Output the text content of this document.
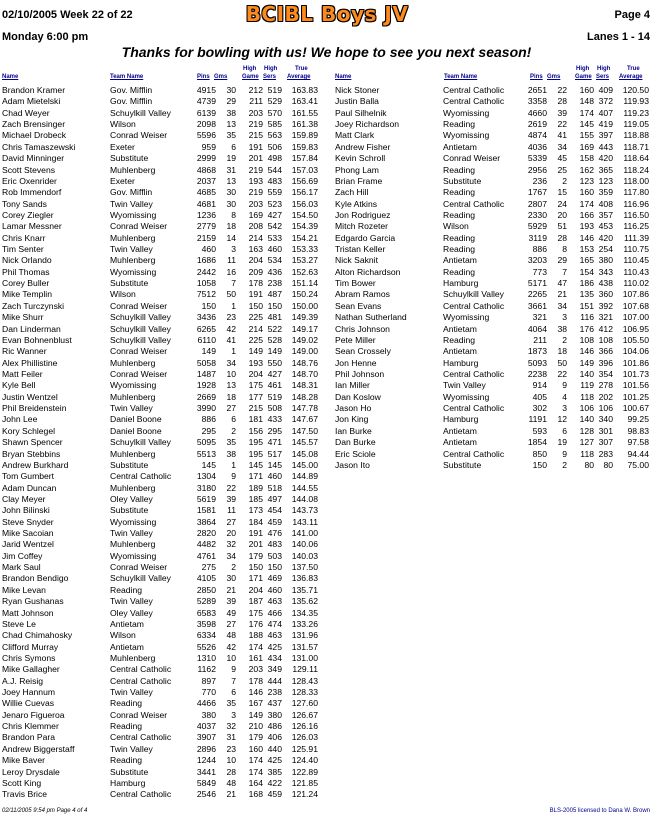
02/10/2005 Week 22 of 22	BCIBL Boys JV	Page 4
Monday 6:00 pm	Lanes 1 - 14
Thanks for bowling with us! We hope to see you next season!
High High	True
Name	Team Name	Pins Gms Game Sers Average
Brandon Kramer	Gov. Mifflin	4915 30 212 519 163.83
Adam Mietelski	Gov. Mifflin	4739 29 211 529 163.41
Chad Weyer	Schuylkill Valley	6139 38 203 570 161.55
Zach Brensinger	Wilson	2098 13 219 585 161.38
Michael Drobeck	Conrad Weiser	5596 35 215 563 159.89
Chris Tamaszewski	Exeter	959 6 191 506 159.83
David Minninger	Substitute	2999 19 201 498 157.84
Scott Stevens	Muhlenberg	4868 31 219 544 157.03
Eric Oxenrider	Exeter	2037 13 193 483 156.69
Rob Immendorf	Gov. Mifflin	4685 30 219 559 156.17
Tony Sands	Twin Valley	4681 30 203 523 156.03
Corey Ziegler	Wyomissing	1236 8 169 427 154.50
Lamar Messner	Conrad Weiser	2779 18 208 542 154.39
Chris Knarr	Muhlenberg	2159 14 214 533 154.21
Tim Senter	Twin Valley	460 3 163 460 153.33
Nick Orlando	Muhlenberg	1686 11 204 534 153.27
Phil Thomas	Wyomissing	2442 16 209 436 152.63
Corey Buller	Substitute	1058 7 178 238 151.14
Mike Templin	Wilson	7512 50 191 487 150.24
Zach Turczynski	Conrad Weiser	150 1 150 150 150.00
Mike Shurr	Schuylkill Valley	3436 23 225 481 149.39
Dan Linderman	Schuylkill Valley	6265 42 214 522 149.17
Evan Bohnenblust	Schuylkill Valley	6110 41 225 528 149.02
Ric Wanner	Conrad Weiser	149 1 149 149 149.00
Alex Phillistine	Muhlenberg	5058 34 193 550 148.76
Matt Feiler	Conrad Weiser	1487 10 204 427 148.70
Kyle Bell	Wyomissing	1928 13 175 461 148.31
Justin Wentzel	Muhlenberg	2669 18 177 519 148.28
Phil Breidenstein	Twin Valley	3990 27 215 508 147.78
John Lee	Daniel Boone	886 6 181 433 147.67
Kory Schlegel	Daniel Boone	295 2 156 295 147.50
Shawn Spencer	Schuylkill Valley	5095 35 195 471 145.57
Bryan Stebbins	Muhlenberg	5513 38 195 517 145.08
Andrew Burkhard	Substitute	145 1 145 145 145.00
Tom Gumbert	Central Catholic	1304 9 171 460 144.89
Adam Duncan	Muhlenberg	3180 22 189 518 144.55
Clay Meyer	Oley Valley	5619 39 185 497 144.08
John Bilinski	Substitute	1581 11 173 454 143.73
Steve Snyder	Wyomissing	3864 27 184 459 143.11
Mike Sacoian	Twin Valley	2820 20 191 476 141.00
Jarid Wentzel	Muhlenberg	4482 32 201 483 140.06
Jim Coffey	Wyomissing	4761 34 179 503 140.03
Mark Saul	Conrad Weiser	275 2 150 150 137.50
Brandon Bendigo	Schuylkill Valley	4105 30 171 469 136.83
Mike Levan	Reading	2850 21 204 460 135.71
Ryan Gushanas	Twin Valley	5289 39 187 463 135.62
Matt Johnson	Oley Valley	6583 49 175 466 134.35
Steve Le	Antietam	3598 27 176 474 133.26
Chad Chimahosky	Wilson	6334 48 188 463 131.96
Clifford Murray	Antietam	5526 42 174 425 131.57
Chris Symons	Muhlenberg	1310 10 161 434 131.00
Mike Gallagher	Central Catholic	1162 9 203 349 129.11
A.J. Reisig	Central Catholic	897 7 178 444 128.43
Joey Hannum	Twin Valley	770 6 146 238 128.33
Willie Cuevas	Reading	4466 35 167 437 127.60
Jenaro Figueroa	Conrad Weiser	380 3 149 380 126.67
Chris Klemmer	Reading	4037 32 210 486 126.16
Brandon Para	Central Catholic	3907 31 179 406 126.03
Andrew Biggerstaff	Twin Valley	2896 23 160 440 125.91
Mike Baver	Reading	1244 10 174 425 124.40
Leroy Drysdale	Substitute	3441 28 174 385 122.89
Scott King	Hamburg	5849 48 164 422 121.85
Travis Brice	Central Catholic	2546 21 168 459 121.24
High High	True
Name	Team Name	Pins Gms Game Sers Average
Nick Stoner	Central Catholic	2651 22 160 409 120.50
Justin Balla	Central Catholic	3358 28 148 372 119.93
Paul Silhelnik	Wyomissing	4660 39 174 407 119.23
Joey Richardson	Reading	2619 22 145 419 119.05
Matt Clark	Wyomissing	4874 41 155 397 118.88
Andrew Fisher	Antietam	4036 34 169 443 118.71
Kevin Schroll	Conrad Weiser	5339 45 158 420 118.64
Phong Lam	Reading	2956 25 162 365 118.24
Brian Frame	Substitute	236 2 123 123 118.00
Zach Hill	Reading	1767 15 160 359 117.80
Kyle Atkins	Central Catholic	2807 24 174 408 116.96
Jon Rodriguez	Reading	2330 20 166 357 116.50
Mitch Rozeter	Wilson	5929 51 193 453 116.25
Edgardo Garcia	Reading	3119 28 146 420 111.39
Tristan Keller	Reading	886 8 153 254 110.75
Nick Saknit	Antietam	3203 29 165 380 110.45
Alton Richardson	Reading	773 7 154 343 110.43
Tim Bower	Hamburg	5171 47 186 438 110.02
Abram Ramos	Schuylkill Valley	2265 21 135 360 107.86
Sean Evans	Central Catholic	3661 34 151 392 107.68
Nathan Sutherland	Wyomissing	321 3 116 321 107.00
Chris Johnson	Antietam	4064 38 176 412 106.95
Pete Miller	Reading	211 2 108 108 105.50
Sean Crossely	Antietam	1873 18 146 366 104.06
Jon Henne	Hamburg	5093 50 149 396 101.86
Phil Johnson	Central Catholic	2238 22 140 354 101.73
Ian Miller	Twin Valley	914 9 119 278 101.56
Dan Koslow	Wyomissing	405 4 118 202 101.25
Jason Ho	Central Catholic	302 3 106 106 100.67
Jon King	Hamburg	1191 12 140 340 99.25
Ian Burke	Antietam	593 6 128 301 98.83
Dan Burke	Antietam	1854 19 127 307 97.58
Eric Sciole	Central Catholic	850 9 118 283 94.44
Jason Ito	Substitute	150 2 80 80 75.00
02/11/2005 9:54 pm Page 4 of 4	BLS-2005 licensed to Dana W. Brown
